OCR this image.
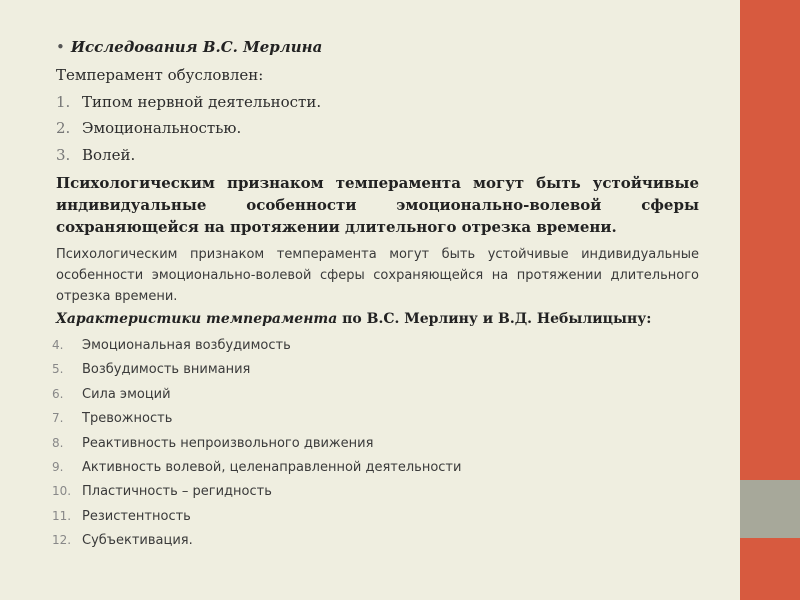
• Исследования В.С. Мерлина
Темперамент обусловлен:
1. Типом нервной деятельности.
2. Эмоциональностью.
3. Волей.
Психологическим признаком темперамента могут быть устойчивые индивидуальные особенности эмоционально-волевой сферы сохраняющейся на протяжении длительного отрезка времени.
Психологическим признаком темперамента могут быть устойчивые индивидуальные особенности эмоционально-волевой сферы сохраняющейся на протяжении длительного отрезка времени.
Характеристики темперамента по В.С. Мерлину и В.Д. Небылицыну:
4. Эмоциональная возбудимость
5. Возбудимость внимания
6. Сила эмоций
7. Тревожность
8. Реактивность непроизвольного движения
9. Активность волевой, целенаправленной деятельности
10. Пластичность – регидность
11. Резистентность
12. Субъективация.
